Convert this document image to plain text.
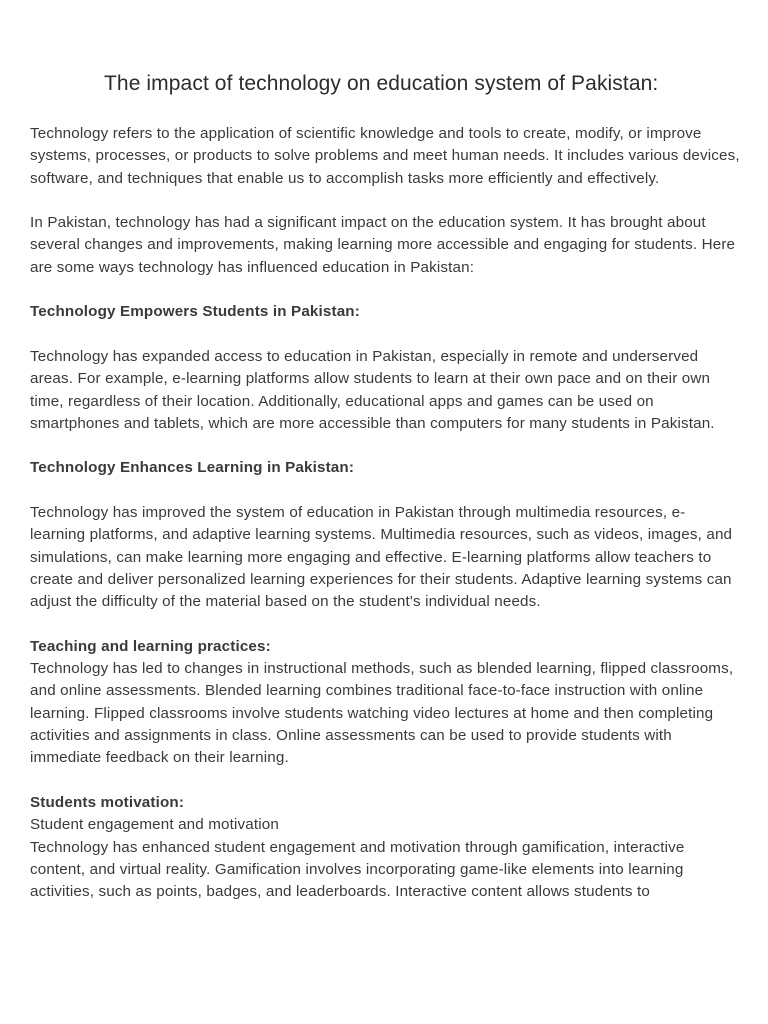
The impact of technology on education system of Pakistan:

Technology refers to the application of scientific knowledge and tools to create, modify, or improve systems, processes, or products to solve problems and meet human needs. It includes various devices, software, and techniques that enable us to accomplish tasks more efficiently and effectively.

In Pakistan, technology has had a significant impact on the education system. It has brought about several changes and improvements, making learning more accessible and engaging for students. Here are some ways technology has influenced education in Pakistan:

Technology Empowers Students in Pakistan:

Technology has expanded access to education in Pakistan, especially in remote and underserved areas. For example, e-learning platforms allow students to learn at their own pace and on their own time, regardless of their location. Additionally, educational apps and games can be used on smartphones and tablets, which are more accessible than computers for many students in Pakistan.

Technology Enhances Learning in Pakistan:

Technology has improved the system of education in Pakistan through multimedia resources, e-learning platforms, and adaptive learning systems. Multimedia resources, such as videos, images, and simulations, can make learning more engaging and effective. E-learning platforms allow teachers to create and deliver personalized learning experiences for their students. Adaptive learning systems can adjust the difficulty of the material based on the student's individual needs.

Teaching and learning practices:

Technology has led to changes in instructional methods, such as blended learning, flipped classrooms, and online assessments. Blended learning combines traditional face-to-face instruction with online learning. Flipped classrooms involve students watching video lectures at home and then completing activities and assignments in class. Online assessments can be used to provide students with immediate feedback on their learning.

Students motivation:

Student engagement and motivation

Technology has enhanced student engagement and motivation through gamification, interactive content, and virtual reality. Gamification involves incorporating game-like elements into learning activities, such as points, badges, and leaderboards. Interactive content allows students to
